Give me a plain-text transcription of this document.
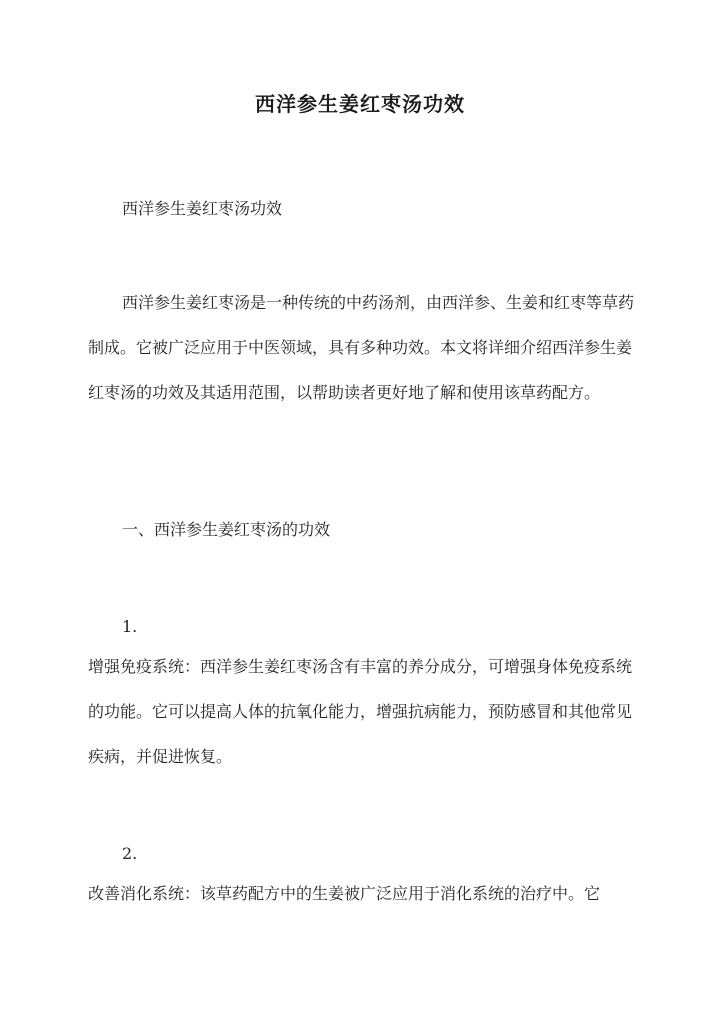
西洋参生姜红枣汤功效
西洋参生姜红枣汤功效

西洋参生姜红枣汤是一种传统的中药汤剂，由西洋参、生姜和红枣等草药制成。它被广泛应用于中医领域，具有多种功效。本文将详细介绍西洋参生姜红枣汤的功效及其适用范围，以帮助读者更好地了解和使用该草药配方。

一、西洋参生姜红枣汤的功效
1.

增强免疫系统：西洋参生姜红枣汤含有丰富的养分成分，可增强身体免疫系统的功能。它可以提高人体的抗氧化能力，增强抗病能力，预防感冒和其他常见疾病，并促进恢复。

2.

改善消化系统：该草药配方中的生姜被广泛应用于消化系统的治疗中。它
